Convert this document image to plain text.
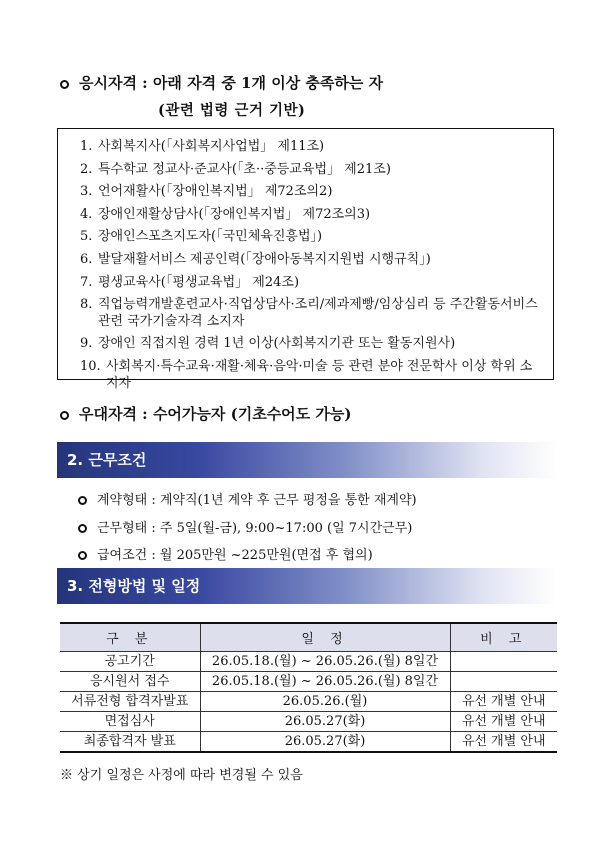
응시자격 : 아래 자격 중 1개 이상 충족하는 자
(관련 법령 근거 기반)
1. 사회복지사(「사회복지사업법」 제11조)
2. 특수학교 정교사·준교사(「초··중등교육법」 제21조)
3. 언어재활사(「장애인복지법」 제72조의2)
4. 장애인재활상담사(「장애인복지법」 제72조의3)
5. 장애인스포츠지도자(「국민체육진흥법」)
6. 발달재활서비스 제공인력(「장애아동복지지원법 시행규칙」)
7. 평생교육사(「평생교육법」 제24조)
8. 직업능력개발훈련교사·직업상담사·조리/제과제빵/임상심리 등 주간활동서비스 관련 국가기술자격 소지자
9. 장애인 직접지원 경력 1년 이상(사회복지기관 또는 활동지원사)
10. 사회복지·특수교육·재활·체육·음악·미술 등 관련 분야 전문학사 이상 학위 소지자
우대자격 : 수어가능자 (기초수어도 가능)
2. 근무조건
계약형태 : 계약직(1년 계약 후 근무 평정을 통한 재계약)
근무형태 : 주 5일(월-금), 9:00~17:00 (일 7시간근무)
급여조건 : 월 205만원 ~225만원(면접 후 협의)
3. 전형방법 및 일정
구 분	일 정	비 고
공고기간	26.05.18.(월) ~ 26.05.26.(월) 8일간	
응시원서 접수	26.05.18.(월) ~ 26.05.26.(월) 8일간	
서류전형 합격자발표	26.05.26.(월)	유선 개별 안내
면접심사	26.05.27(화)	유선 개별 안내
최종합격자 발표	26.05.27(화)	유선 개별 안내
※ 상기 일정은 사정에 따라 변경될 수 있음
